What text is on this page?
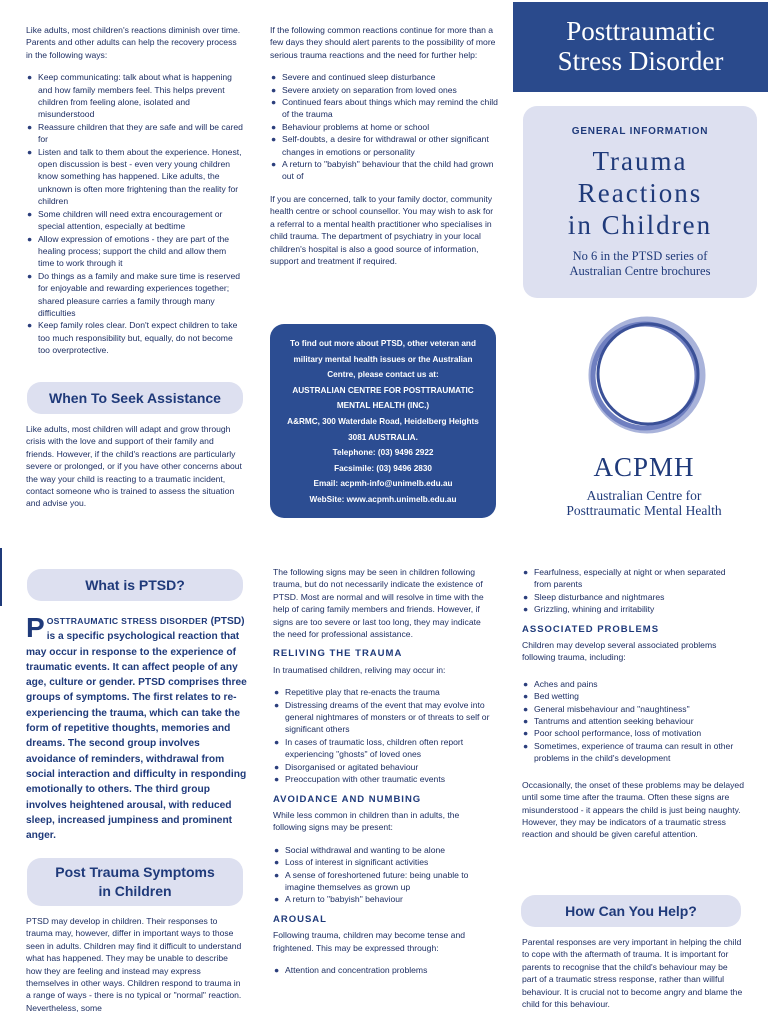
Like adults, most children's reactions diminish over time. Parents and other adults can help the recovery process in the following ways:

● Keep communicating: talk about what is happening and how family members feel. This helps prevent children from feeling alone, isolated and misunderstood
● Reassure children that they are safe and will be cared for
● Listen and talk to them about the experience. Honest, open discussion is best - even very young children know something has happened. Like adults, the unknown is often more frightening than the reality for children
● Some children will need extra encouragement or special attention, especially at bedtime
● Allow expression of emotions - they are part of the healing process; support the child and allow them time to work through it
● Do things as a family and make sure time is reserved for enjoyable and rewarding experiences together; shared pleasure carries a family through many difficulties
● Keep family roles clear. Don't expect children to take too much responsibility but, equally, do not become too overprotective.
When To Seek Assistance

Like adults, most children will adapt and grow through crisis with the love and support of their family and friends. However, if the child's reactions are particularly severe or prolonged, or if you have other concerns about the way your child is reacting to a traumatic incident, contact someone who is trained to assess the situation and advise you.

If the following common reactions continue for more than a few days they should alert parents to the possibility of more serious trauma reactions and the need for further help:

● Severe and continued sleep disturbance
● Severe anxiety on separation from loved ones
● Continued fears about things which may remind the child of the trauma
● Behaviour problems at home or school
● Self-doubts, a desire for withdrawal or other significant changes in emotions or personality
● A return to "babyish" behaviour that the child had grown out of

If you are concerned, talk to your family doctor, community health centre or school counsellor. You may wish to ask for a referral to a mental health practitioner who specialises in child trauma. The department of psychiatry in your local children's hospital is also a good source of information, support and treatment if required.

To find out more about PTSD, other veteran and military mental health issues or the Australian Centre, please contact us at:
AUSTRALIAN CENTRE FOR POSTTRAUMATIC MENTAL HEALTH (INC.)
A&RMC, 300 Waterdale Road, Heidelberg Heights 3081 AUSTRALIA.
Telephone: (03) 9496 2922
Facsimile: (03) 9496 2830
Email: acpmh-info@unimelb.edu.au
WebSite: www.acpmh.unimelb.edu.au
Posttraumatic
Stress Disorder
GENERAL INFORMATION
Trauma
Reactions
in Children
No 6 in the PTSD series of
Australian Centre brochures
ACPMH
Australian Centre for
Posttraumatic Mental Health
What is PTSD?
P OSTTRAUMATIC STRESS DISORDER (PTSD) is a specific psychological reaction that may occur in response to the experience of traumatic events. It can affect people of any age, culture or gender. PTSD comprises three groups of symptoms. The first relates to re-experiencing the trauma, which can take the form of repetitive thoughts, memories and dreams. The second group involves avoidance of reminders, withdrawal from social interaction and difficulty in responding emotionally to others. The third group involves heightened arousal, with reduced sleep, increased jumpiness and prominent anger.
Post Trauma Symptoms
in Children

PTSD may develop in children. Their responses to trauma may, however, differ in important ways to those seen in adults. Children may find it difficult to understand what has happened. They may be unable to describe how they are feeling and instead may express themselves in other ways. Children respond to trauma in a range of ways - there is no typical or "normal" reaction. Nevertheless, some

The following signs may be seen in children following trauma, but do not necessarily indicate the existence of PTSD. Most are normal and will resolve in time with the help of caring family members and friends. However, if signs are too severe or last too long, they may indicate the need for professional assistance.

RELIVING THE TRAUMA

In traumatised children, reliving may occur in:

● Repetitive play that re-enacts the trauma
● Distressing dreams of the event that may evolve into general nightmares of monsters or of threats to self or significant others
● In cases of traumatic loss, children often report experiencing "ghosts" of loved ones
● Disorganised or agitated behaviour
● Preoccupation with other traumatic events
AVOIDANCE AND NUMBING

While less common in children than in adults, the following signs may be present:

● Social withdrawal and wanting to be alone
● Loss of interest in significant activities
● A sense of foreshortened future: being unable to imagine themselves as grown up
● A return to "babyish" behaviour
AROUSAL

Following trauma, children may become tense and frightened. This may be expressed through:

● Attention and concentration problems
● Fearfulness, especially at night or when separated from parents
● Sleep disturbance and nightmares
● Grizzling, whining and irritability
ASSOCIATED PROBLEMS

Children may develop several associated problems following trauma, including:

● Aches and pains
● Bed wetting
● General misbehaviour and "naughtiness"
● Tantrums and attention seeking behaviour
● Poor school performance, loss of motivation
● Sometimes, experience of trauma can result in other problems in the child's development

Occasionally, the onset of these problems may be delayed until some time after the trauma. Often these signs are misunderstood - it appears the child is just being naughty. However, they may be indicators of a traumatic stress reaction and should be given careful attention.

How Can You Help?

Parental responses are very important in helping the child to cope with the aftermath of trauma. It is important for parents to recognise that the child's behaviour may be part of a traumatic stress response, rather than willful behaviour. It is crucial not to become angry and blame the child for this behaviour.
